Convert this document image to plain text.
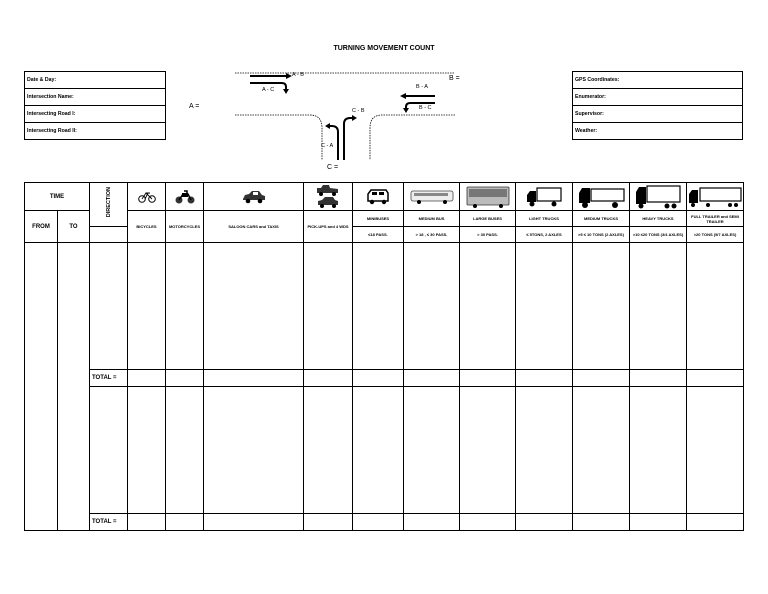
TURNING MOVEMENT COUNT
Date & Day:
Intersection Name:
Intersecting Road I:
Intersecting Road II:
GPS Coordinates:
Enumerator:
Supervisor:
Weather:
A - B
A - C	B - A
B - C
C - B
C - A
A =
B =
C =
TIME		DIRECTION	

FROM	TO		BICYCLES	MOTORCYCLES	SALOON CARS and TAXIS	PICK-UPS and 4 WDS	MINIBUSES	MEDIUM BUS	LARGE BUSES	LIGHT TRUCKS	MEDIUM TRUCKS	HEAVY TRUCKS	FULL TRAILER and SEMI TRAILER
							≤18 PASS.	> 18 , ≤ 30 PASS.	> 30 PASS.	≤ 5TONS, 2 AXLES	>5 ≤ 10 TONS (2 AXLES)	>10 ≤20 TONS (3/4 AXLES)	>20 TONS (5/7 AXLES)

		TOTAL =											

		TOTAL =											
